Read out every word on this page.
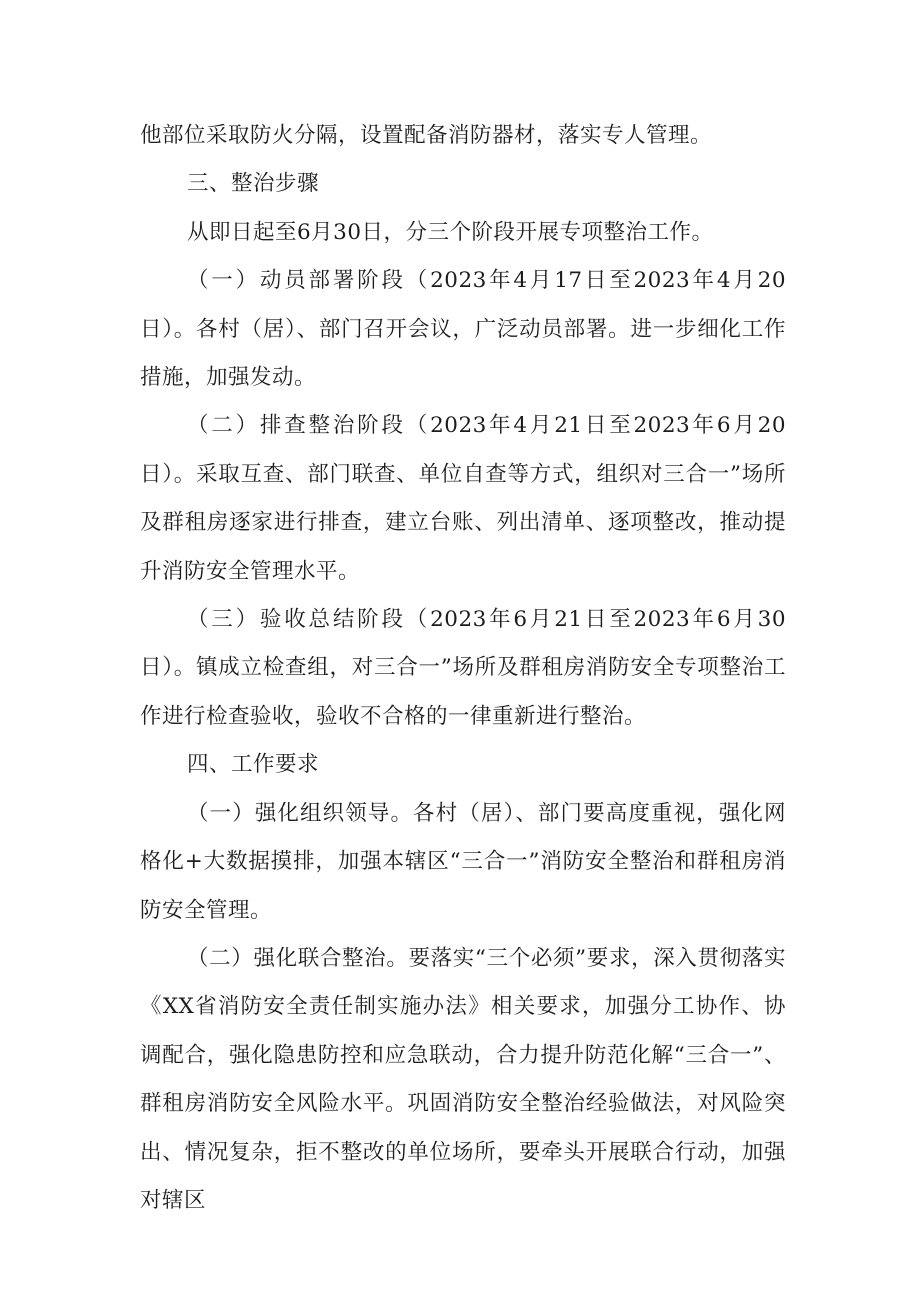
他部位采取防火分隔，设置配备消防器材，落实专人管理。

三、整治步骤

从即日起至6月30日，分三个阶段开展专项整治工作。

（一）动员部署阶段（2023年4月17日至2023年4月20日）。各村（居）、部门召开会议，广泛动员部署。进一步细化工作措施，加强发动。

（二）排查整治阶段（2023年4月21日至2023年6月20日）。采取互查、部门联查、单位自查等方式，组织对三合一”场所及群租房逐家进行排查，建立台账、列出清单、逐项整改，推动提升消防安全管理水平。

（三）验收总结阶段（2023年6月21日至2023年6月30日）。镇成立检查组，对三合一”场所及群租房消防安全专项整治工作进行检查验收，验收不合格的一律重新进行整治。

四、工作要求

（一）强化组织领导。各村（居）、部门要高度重视，强化网格化+大数据摸排，加强本辖区“三合一”消防安全整治和群租房消防安全管理。

（二）强化联合整治。要落实“三个必须”要求，深入贯彻落实《XX省消防安全责任制实施办法》相关要求，加强分工协作、协调配合，强化隐患防控和应急联动，合力提升防范化解“三合一”、群租房消防安全风险水平。巩固消防安全整治经验做法，对风险突出、情况复杂，拒不整改的单位场所，要牵头开展联合行动，加强对辖区
